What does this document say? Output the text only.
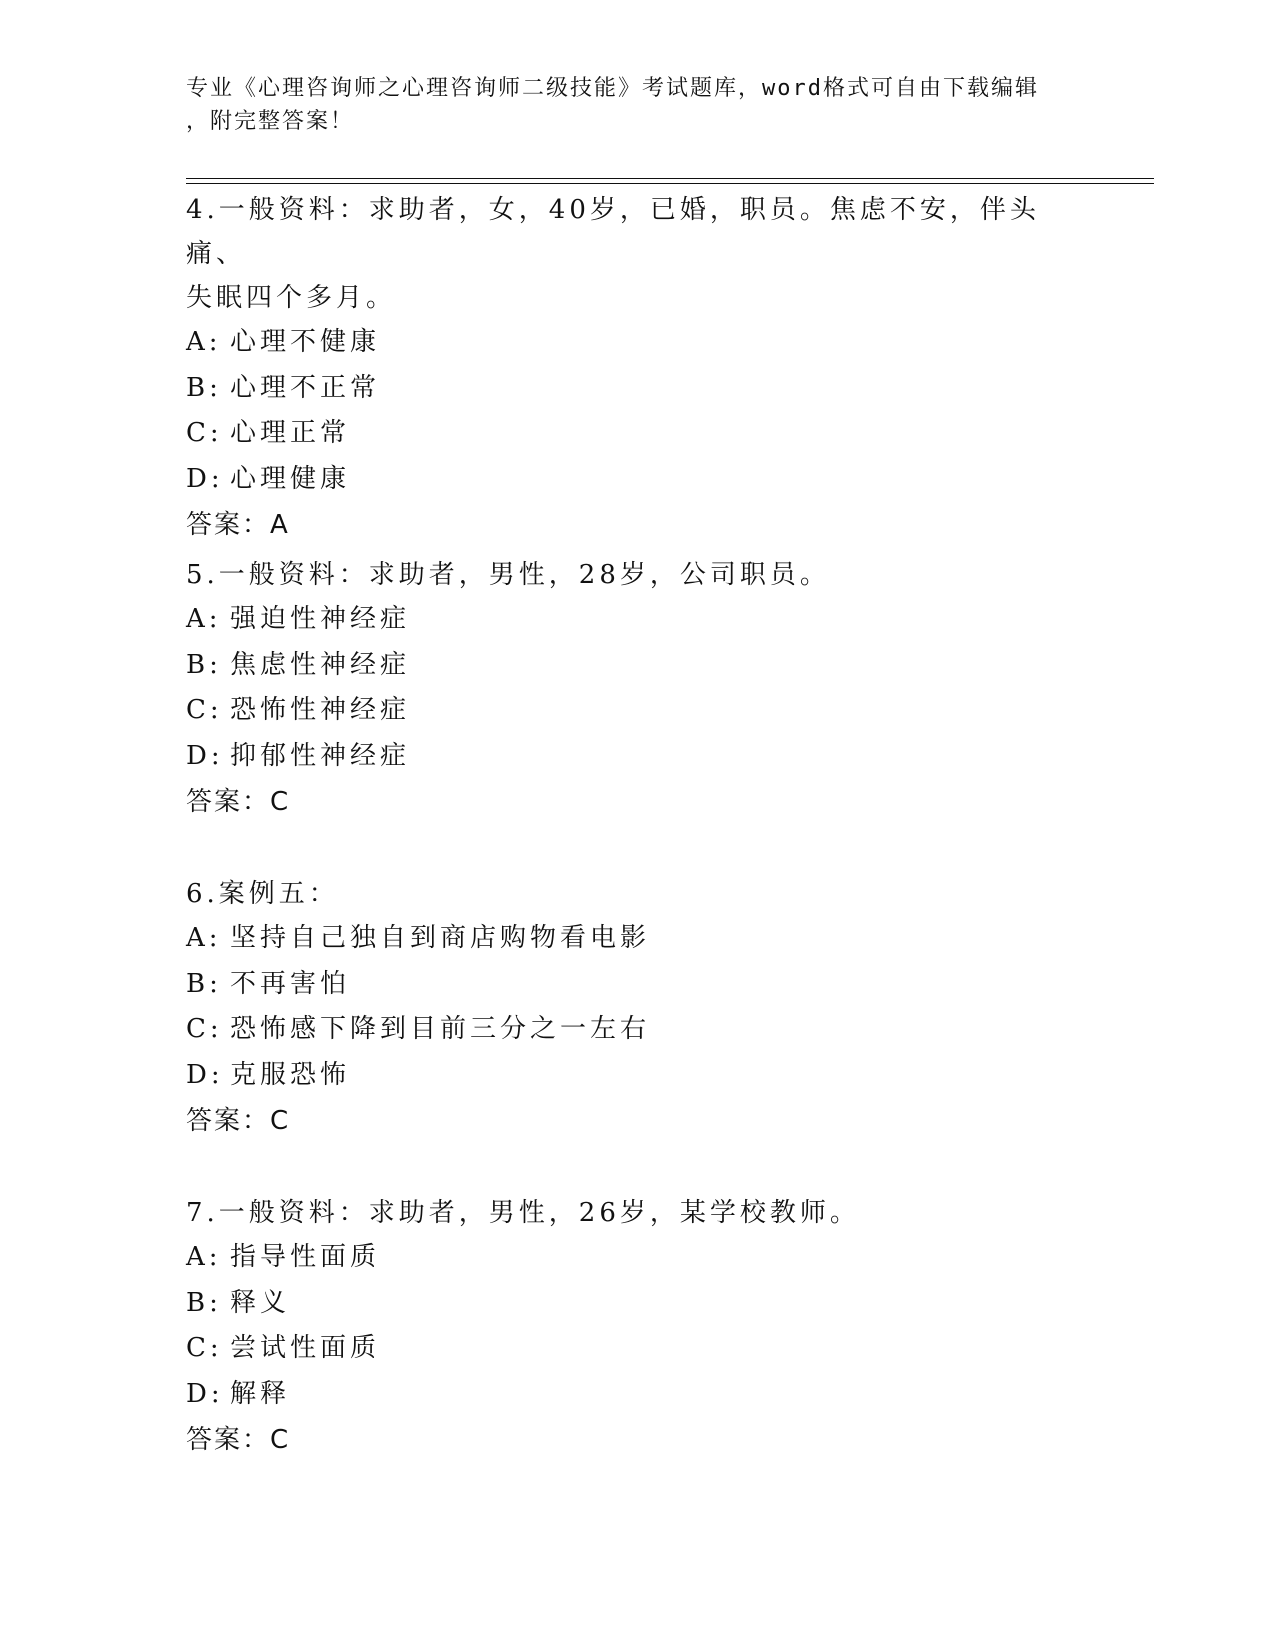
专业《心理咨询师之心理咨询师二级技能》考试题库，word格式可自由下载编辑
，附完整答案！

4.一般资料：求助者，女，40岁，已婚，职员。焦虑不安，伴头痛、

失眠四个多月。

A: 心理不健康

B: 心理不正常

C: 心理正常

D: 心理健康

答案：A

5.一般资料：求助者，男性，28岁，公司职员。

A: 强迫性神经症

B: 焦虑性神经症

C: 恐怖性神经症

D: 抑郁性神经症

答案：C

6.案例五：

A: 坚持自己独自到商店购物看电影

B: 不再害怕

C: 恐怖感下降到目前三分之一左右

D: 克服恐怖

答案：C

7.一般资料：求助者，男性，26岁，某学校教师。

A: 指导性面质

B: 释义

C: 尝试性面质

D: 解释

答案：C
